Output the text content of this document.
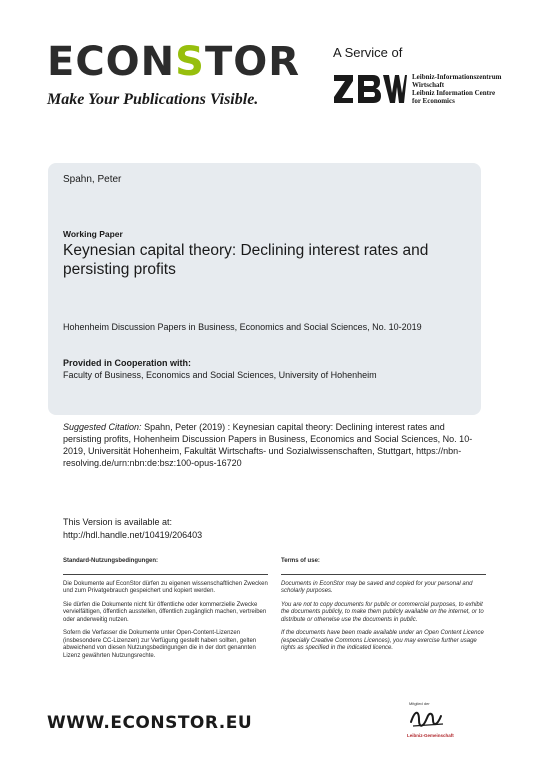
ECONSTOR
Make Your Publications Visible.
A Service of
Leibniz-Informationszentrum
Wirtschaft
Leibniz Information Centre
for Economics
Spahn, Peter
Working Paper
Keynesian capital theory: Declining interest rates and persisting profits
Hohenheim Discussion Papers in Business, Economics and Social Sciences, No. 10-2019
Provided in Cooperation with:
Faculty of Business, Economics and Social Sciences, University of Hohenheim
Suggested Citation: Spahn, Peter (2019) : Keynesian capital theory: Declining interest rates and persisting profits, Hohenheim Discussion Papers in Business, Economics and Social Sciences, No. 10-2019, Universität Hohenheim, Fakultät Wirtschafts- und Sozialwissenschaften, Stuttgart, https://nbn-resolving.de/urn:nbn:de:bsz:100-opus-16720
This Version is available at:
http://hdl.handle.net/10419/206403
Standard-Nutzungsbedingungen:

Die Dokumente auf EconStor dürfen zu eigenen wissenschaftlichen Zwecken und zum Privatgebrauch gespeichert und kopiert werden.

Sie dürfen die Dokumente nicht für öffentliche oder kommerzielle Zwecke vervielfältigen, öffentlich ausstellen, öffentlich zugänglich machen, vertreiben oder anderweitig nutzen.

Sofern die Verfasser die Dokumente unter Open-Content-Lizenzen (insbesondere CC-Lizenzen) zur Verfügung gestellt haben sollten, gelten abweichend von diesen Nutzungsbedingungen die in der dort genannten Lizenz gewährten Nutzungsrechte.

Terms of use:

Documents in EconStor may be saved and copied for your personal and scholarly purposes.

You are not to copy documents for public or commercial purposes, to exhibit the documents publicly, to make them publicly available on the internet, or to distribute or otherwise use the documents in public.

If the documents have been made available under an Open Content Licence (especially Creative Commons Licences), you may exercise further usage rights as specified in the indicated licence.

WWW.ECONSTOR.EU
Mitglied der
Leibniz-Gemeinschaft
